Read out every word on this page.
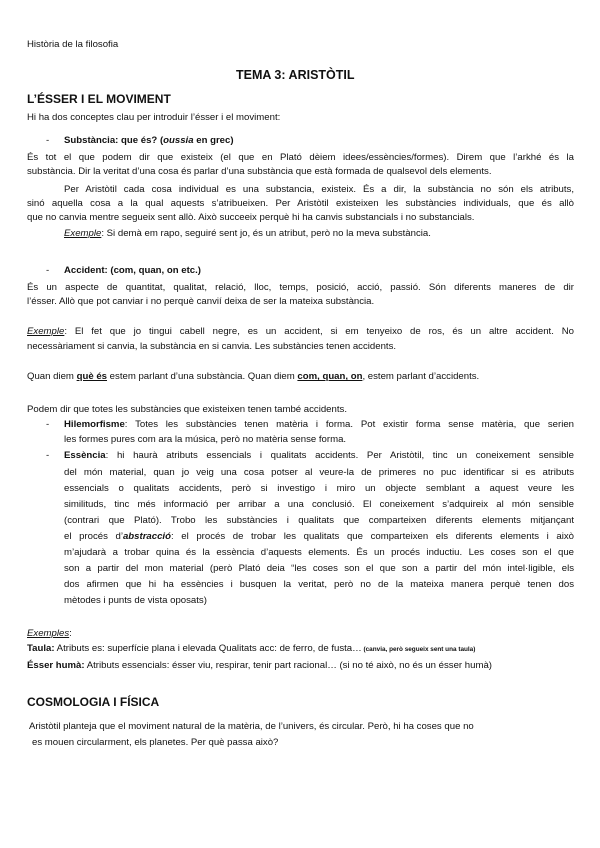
Història de la filosofia
TEMA 3: ARISTÒTIL
L’ÉSSER I EL MOVIMENT
Hi ha dos conceptes clau per introduir l’ésser i el moviment:
- Substància: que és? (oussia en grec)
És tot el que podem dir que existeix (el que en Plató dèiem idees/essències/formes). Direm que l’arkhé és la
substància. Dir la veritat d’una cosa és parlar d’una substància que està formada de qualsevol dels elements.
Per Aristòtil cada cosa individual es una substancia, existeix. És a dir, la substància no són els atributs,
sinó aquella cosa a la qual aquests s’atribueixen. Per Aristòtil existeixen les substàncies individuals, que és allò
que no canvia mentre segueix sent allò. Això succeeix perquè hi ha canvis substancials i no substancials.
Exemple: Si demà em rapo, seguiré sent jo, és un atribut, però no la meva substància.
- Accident: (com, quan, on etc.)
És un aspecte de quantitat, qualitat, relació, lloc, temps, posició, acció, passió. Són diferents maneres de dir
l’ésser. Allò que pot canviar i no perquè canvií deixa de ser la mateixa substància.
Exemple: El fet que jo tingui cabell negre, es un accident, si em tenyeixo de ros, és un altre accident. No
necessàriament si canvia, la substància en si canvia. Les substàncies tenen accidents.
Quan diem què és estem parlant d’una substància. Quan diem com, quan, on, estem parlant d’accidents.
Podem dir que totes les substàncies que existeixen tenen també accidents.
- Hilemorfisme: Totes les substàncies tenen matèria i forma. Pot existir forma sense matèria, que serien
les formes pures com ara la música, però no matèria sense forma.
- Essència: hi haurà atributs essencials i qualitats accidents. Per Aristòtil, tinc un coneixement sensible
del món material, quan jo veig una cosa potser al veure-la de primeres no puc identificar si es atributs
essencials o qualitats accidents, però si investigo i miro un objecte semblant a aquest veure les
similituds, tinc més informació per arribar a una conclusió. El coneixement s’adquireix al món sensible
(contrari que Plató). Trobo les substàncies i qualitats que comparteixen diferents elements mitjançant
el procés d’abstracció: el procés de trobar les qualitats que comparteixen els diferents elements i això
m’ajudarà a trobar quina és la essència d’aquests elements. És un procés inductiu. Les coses son el que
son a partir del mon material (però Plató deia “les coses son el que son a partir del món intel·ligible, els
dos afirmen que hi ha essències i busquen la veritat, però no de la mateixa manera perquè tenen dos
mètodes i punts de vista oposats)
Exemples:
Taula: Atributs es: superfície plana i elevada Qualitats acc: de ferro, de fusta… (canvia, però segueix sent una taula)
Ésser humà: Atributs essencials: ésser viu, respirar, tenir part racional… (si no té això, no és un ésser humà)
COSMOLOGIA I FÍSICA
Aristòtil planteja que el moviment natural de la matèria, de l’univers, és circular. Però, hi ha coses que no
es mouen circularment, els planetes. Per què passa això?
